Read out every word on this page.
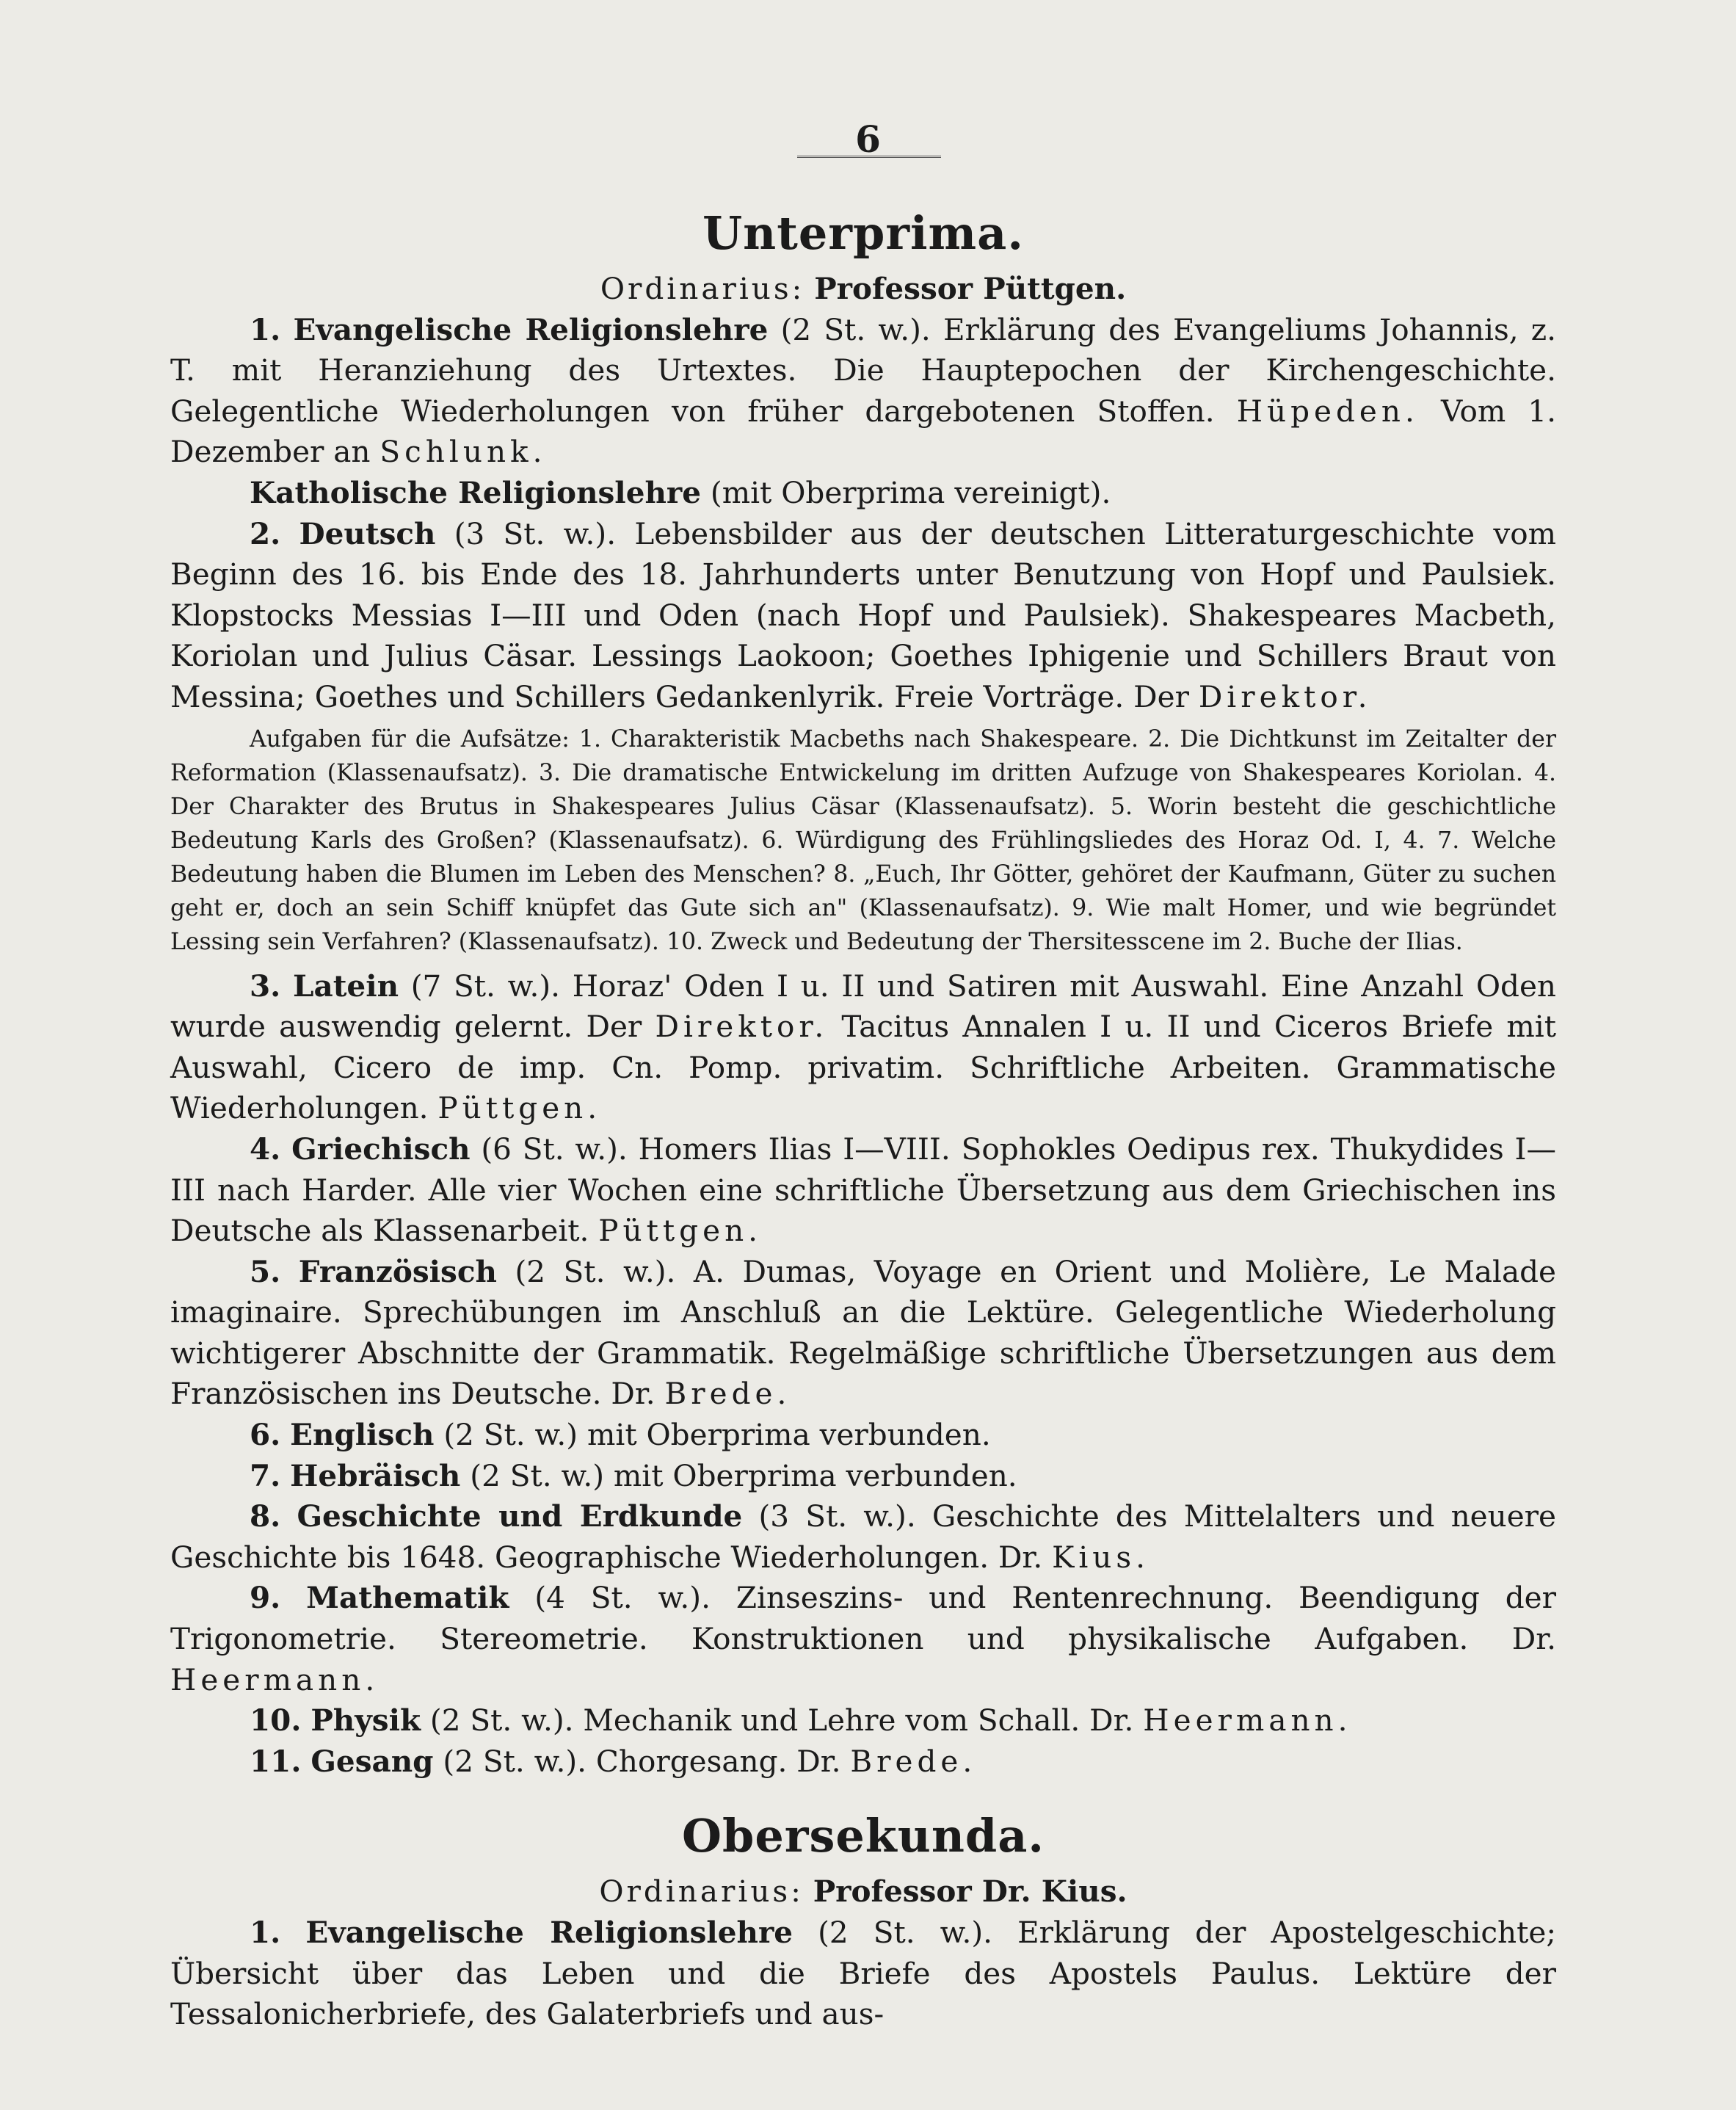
6

Unterprima.

Ordinarius: Professor Püttgen.

1. Evangelische Religionslehre (2 St. w.). Erklärung des Evangeliums Johannis, z. T. mit Heranziehung des Urtextes. Die Hauptepochen der Kirchengeschichte. Gelegentliche Wiederholungen von früher dargebotenen Stoffen. Hüpeden. Vom 1. Dezember an Schlunk.

Katholische Religionslehre (mit Oberprima vereinigt).

2. Deutsch (3 St. w.). Lebensbilder aus der deutschen Litteraturgeschichte vom Beginn des 16. bis Ende des 18. Jahrhunderts unter Benutzung von Hopf und Paulsiek. Klopstocks Messias I—III und Oden (nach Hopf und Paulsiek). Shakespeares Macbeth, Koriolan und Julius Cäsar. Lessings Laokoon; Goethes Iphigenie und Schillers Braut von Messina; Goethes und Schillers Gedankenlyrik. Freie Vorträge. Der Direktor.

Aufgaben für die Aufsätze: 1. Charakteristik Macbeths nach Shakespeare. 2. Die Dichtkunst im Zeitalter der Reformation (Klassenaufsatz). 3. Die dramatische Entwickelung im dritten Aufzuge von Shakespeares Koriolan. 4. Der Charakter des Brutus in Shakespeares Julius Cäsar (Klassenaufsatz). 5. Worin besteht die geschichtliche Bedeutung Karls des Großen? (Klassenaufsatz). 6. Würdigung des Frühlingsliedes des Horaz Od. I, 4. 7. Welche Bedeutung haben die Blumen im Leben des Menschen? 8. „Euch, Ihr Götter, gehöret der Kaufmann, Güter zu suchen geht er, doch an sein Schiff knüpfet das Gute sich an" (Klassenaufsatz). 9. Wie malt Homer, und wie begründet Lessing sein Verfahren? (Klassenaufsatz). 10. Zweck und Bedeutung der Thersitesscene im 2. Buche der Ilias.

3. Latein (7 St. w.). Horaz' Oden I u. II und Satiren mit Auswahl. Eine Anzahl Oden wurde auswendig gelernt. Der Direktor. Tacitus Annalen I u. II und Ciceros Briefe mit Auswahl, Cicero de imp. Cn. Pomp. privatim. Schriftliche Arbeiten. Grammatische Wiederholungen. Püttgen.

4. Griechisch (6 St. w.). Homers Ilias I—VIII. Sophokles Oedipus rex. Thukydides I—III nach Harder. Alle vier Wochen eine schriftliche Übersetzung aus dem Griechischen ins Deutsche als Klassenarbeit. Püttgen.

5. Französisch (2 St. w.). A. Dumas, Voyage en Orient und Molière, Le Malade imaginaire. Sprechübungen im Anschluß an die Lektüre. Gelegentliche Wiederholung wichtigerer Abschnitte der Grammatik. Regelmäßige schriftliche Übersetzungen aus dem Französischen ins Deutsche. Dr. Brede.

6. Englisch (2 St. w.) mit Oberprima verbunden.

7. Hebräisch (2 St. w.) mit Oberprima verbunden.

8. Geschichte und Erdkunde (3 St. w.). Geschichte des Mittelalters und neuere Geschichte bis 1648. Geographische Wiederholungen. Dr. Kius.

9. Mathematik (4 St. w.). Zinseszins- und Rentenrechnung. Beendigung der Trigonometrie. Stereometrie. Konstruktionen und physikalische Aufgaben. Dr. Heermann.

10. Physik (2 St. w.). Mechanik und Lehre vom Schall. Dr. Heermann.

11. Gesang (2 St. w.). Chorgesang. Dr. Brede.

Obersekunda.

Ordinarius: Professor Dr. Kius.

1. Evangelische Religionslehre (2 St. w.). Erklärung der Apostelgeschichte; Übersicht über das Leben und die Briefe des Apostels Paulus. Lektüre der Tessalonicherbriefe, des Galaterbriefs und aus-
